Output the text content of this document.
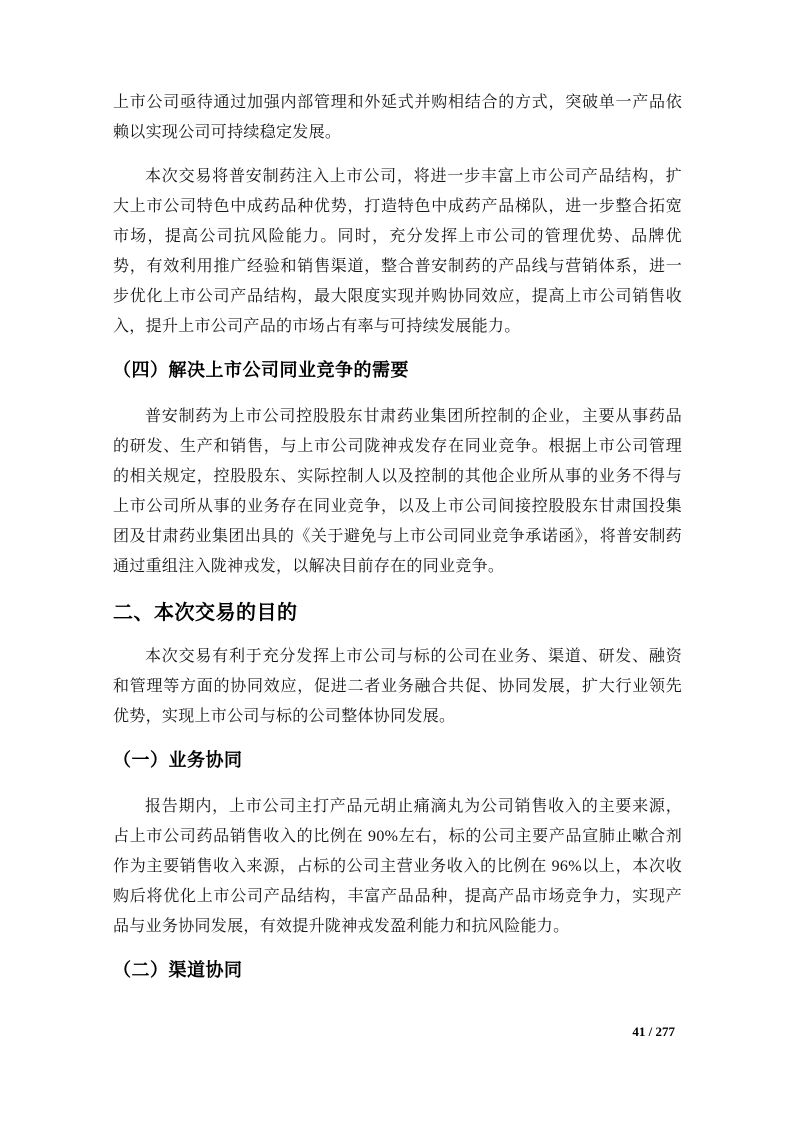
上市公司亟待通过加强内部管理和外延式并购相结合的方式，突破单一产品依赖以实现公司可持续稳定发展。

本次交易将普安制药注入上市公司，将进一步丰富上市公司产品结构，扩大上市公司特色中成药品种优势，打造特色中成药产品梯队，进一步整合拓宽市场，提高公司抗风险能力。同时，充分发挥上市公司的管理优势、品牌优势，有效利用推广经验和销售渠道，整合普安制药的产品线与营销体系，进一步优化上市公司产品结构，最大限度实现并购协同效应，提高上市公司销售收入，提升上市公司产品的市场占有率与可持续发展能力。

（四）解决上市公司同业竞争的需要

普安制药为上市公司控股股东甘肃药业集团所控制的企业，主要从事药品的研发、生产和销售，与上市公司陇神戎发存在同业竞争。根据上市公司管理的相关规定，控股股东、实际控制人以及控制的其他企业所从事的业务不得与上市公司所从事的业务存在同业竞争，以及上市公司间接控股股东甘肃国投集团及甘肃药业集团出具的《关于避免与上市公司同业竞争承诺函》，将普安制药通过重组注入陇神戎发，以解决目前存在的同业竞争。

二、本次交易的目的

本次交易有利于充分发挥上市公司与标的公司在业务、渠道、研发、融资和管理等方面的协同效应，促进二者业务融合共促、协同发展，扩大行业领先优势，实现上市公司与标的公司整体协同发展。

（一）业务协同

报告期内，上市公司主打产品元胡止痛滴丸为公司销售收入的主要来源，占上市公司药品销售收入的比例在 90%左右，标的公司主要产品宣肺止嗽合剂作为主要销售收入来源，占标的公司主营业务收入的比例在 96%以上，本次收购后将优化上市公司产品结构，丰富产品品种，提高产品市场竞争力，实现产品与业务协同发展，有效提升陇神戎发盈利能力和抗风险能力。

（二）渠道协同
41 / 277
